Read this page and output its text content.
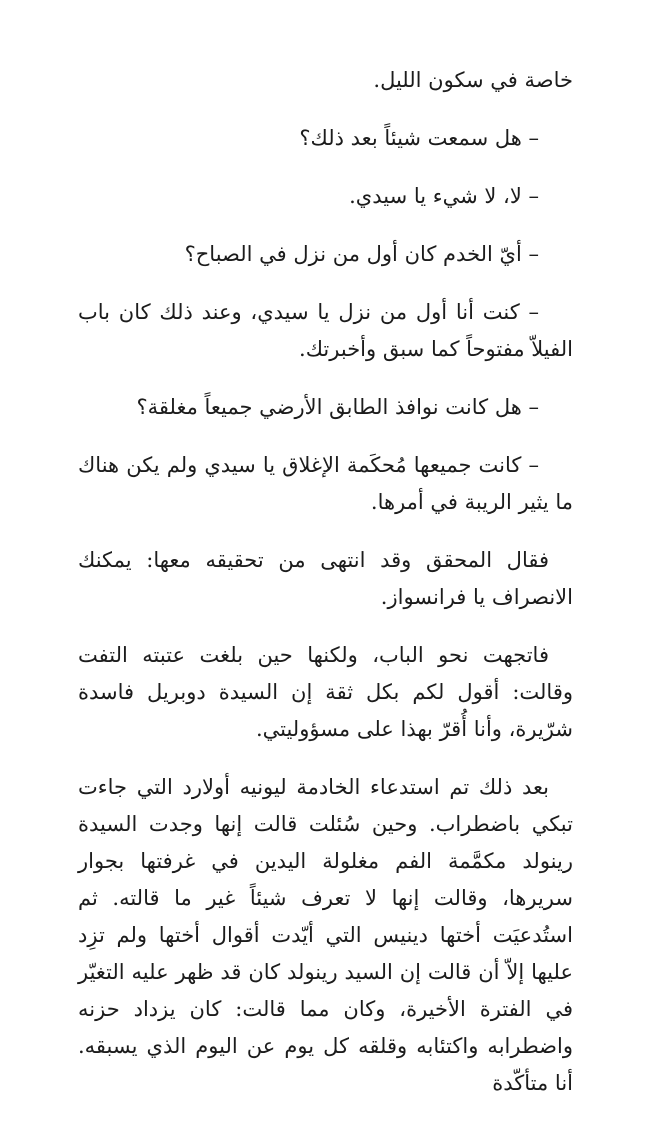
خاصة في سكون الليل.

– هل سمعت شيئاً بعد ذلك؟

– لا، لا شيء يا سيدي.

– أيّ الخدم كان أول من نزل في الصباح؟

– كنت أنا أول من نزل يا سيدي، وعند ذلك كان باب الفيلاّ مفتوحاً كما سبق وأخبرتك.

– هل كانت نوافذ الطابق الأرضي جميعاً مغلقة؟

– كانت جميعها مُحكَمة الإغلاق يا سيدي ولم يكن هناك ما يثير الريبة في أمرها.

فقال المحقق وقد انتهى من تحقيقه معها: يمكنك الانصراف يا فرانسواز.

فاتجهت نحو الباب، ولكنها حين بلغت عتبته التفت وقالت: أقول لكم بكل ثقة إن السيدة دوبريل فاسدة شرّيرة، وأنا أُقرّ بهذا على مسؤوليتي.

بعد ذلك تم استدعاء الخادمة ليونيه أولارد التي جاءت تبكي باضطراب. وحين سُئلت قالت إنها وجدت السيدة رينولد مكمَّمة الفم مغلولة اليدين في غرفتها بجوار سريرها، وقالت إنها لا تعرف شيئاً غير ما قالته. ثم استُدعيَت أختها دينيس التي أيّدت أقوال أختها ولم تزِد عليها إلاّ أن قالت إن السيد رينولد كان قد ظهر عليه التغيّر في الفترة الأخيرة، وكان مما قالت: كان يزداد حزنه واضطرابه واكتئابه وقلقه كل يوم عن اليوم الذي يسبقه. أنا متأكّدة
